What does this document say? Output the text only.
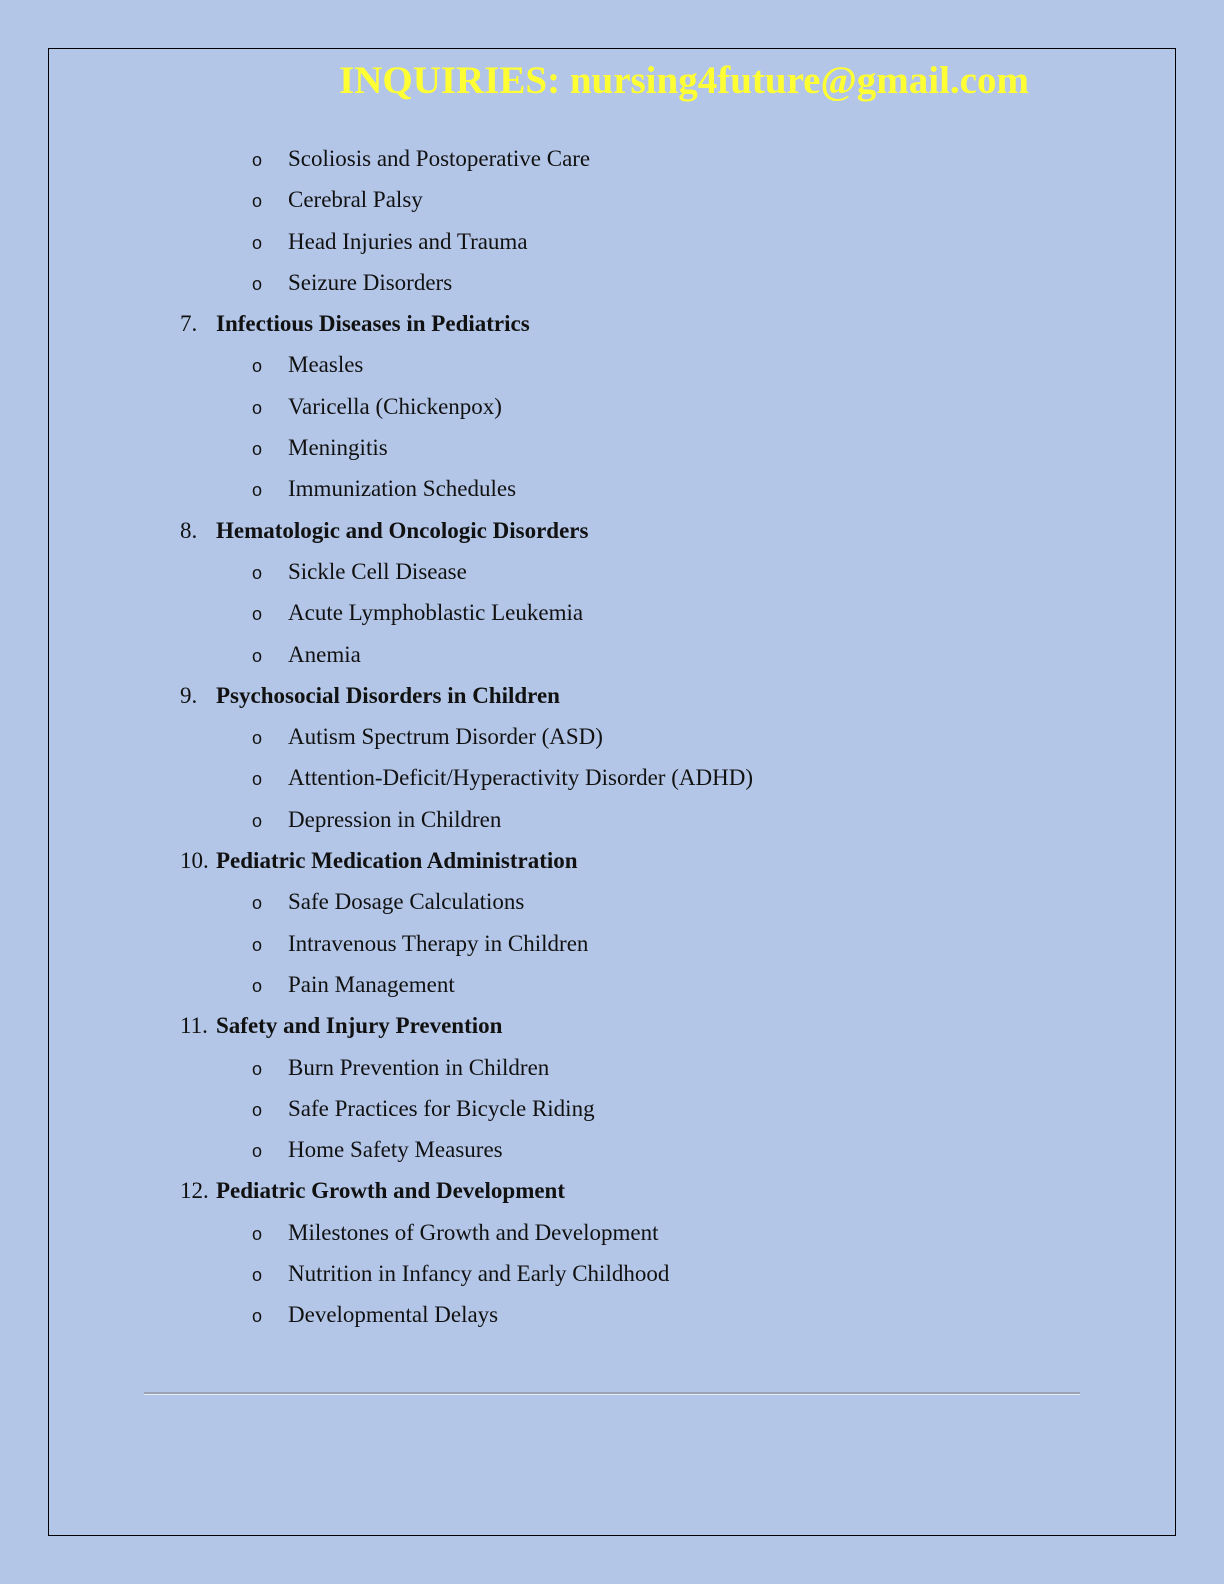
INQUIRIES: nursing4future@gmail.com
o Scoliosis and Postoperative Care
o Cerebral Palsy
o Head Injuries and Trauma
o Seizure Disorders
7. Infectious Diseases in Pediatrics
o Measles
o Varicella (Chickenpox)
o Meningitis
o Immunization Schedules
8. Hematologic and Oncologic Disorders
o Sickle Cell Disease
o Acute Lymphoblastic Leukemia
o Anemia
9. Psychosocial Disorders in Children
o Autism Spectrum Disorder (ASD)
o Attention-Deficit/Hyperactivity Disorder (ADHD)
o Depression in Children
10. Pediatric Medication Administration
o Safe Dosage Calculations
o Intravenous Therapy in Children
o Pain Management
11. Safety and Injury Prevention
o Burn Prevention in Children
o Safe Practices for Bicycle Riding
o Home Safety Measures
12. Pediatric Growth and Development
o Milestones of Growth and Development
o Nutrition in Infancy and Early Childhood
o Developmental Delays
